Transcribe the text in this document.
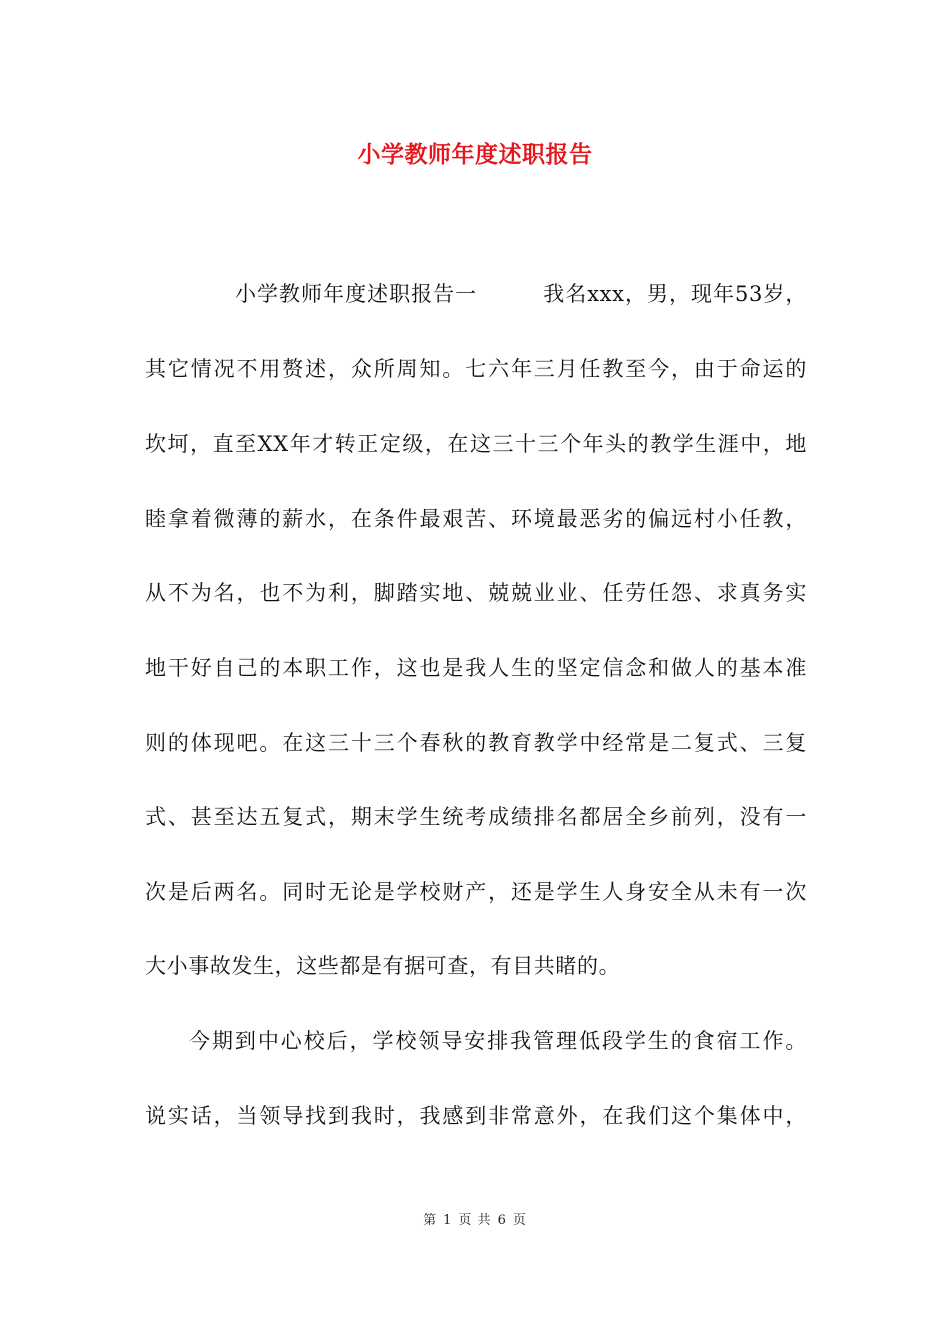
小学教师年度述职报告
小学教师年度述职报告一　　　我名xxx，男，现年53岁，
其它情况不用赘述，众所周知。七六年三月任教至今，由于命运的
坎坷，直至XX年才转正定级，在这三十三个年头的教学生涯中，地
睦拿着微薄的薪水，在条件最艰苦、环境最恶劣的偏远村小任教，
从不为名，也不为利，脚踏实地、兢兢业业、任劳任怨、求真务实
地干好自己的本职工作，这也是我人生的坚定信念和做人的基本准
则的体现吧。在这三十三个春秋的教育教学中经常是二复式、三复
式、甚至达五复式，期末学生统考成绩排名都居全乡前列，没有一
次是后两名。同时无论是学校财产，还是学生人身安全从未有一次
大小事故发生，这些都是有据可查，有目共睹的。
今期到中心校后，学校领导安排我管理低段学生的食宿工作。
说实话，当领导找到我时，我感到非常意外，在我们这个集体中，
第 1 页 共 6 页
